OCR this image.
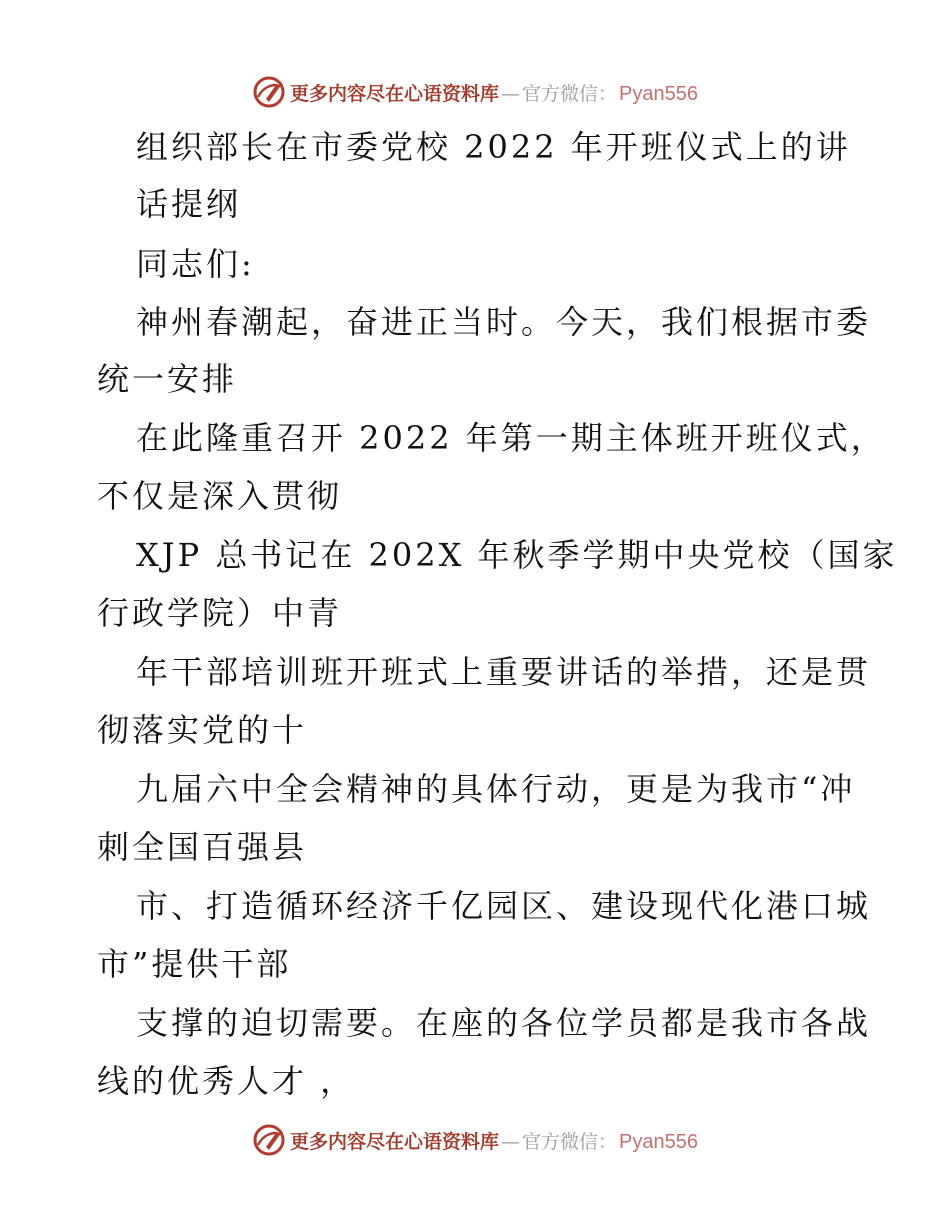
更多内容尽在心语资料库 — 官方微信： Pyan556
组织部长在市委党校 2022 年开班仪式上的讲
话提纲
同志们:
神州春潮起，奋进正当时。今天，我们根据市委
统一安排
在此隆重召开 2022 年第一期主体班开班仪式，
不仅是深入贯彻
XJP 总书记在 202X 年秋季学期中央党校（国家
行政学院）中青
年干部培训班开班式上重要讲话的举措，还是贯
彻落实党的十
九届六中全会精神的具体行动，更是为我市“冲
刺全国百强县
市、打造循环经济千亿园区、建设现代化港口城
市”提供干部
支撑的迫切需要。在座的各位学员都是我市各战
线的优秀人才 ，
更多内容尽在心语资料库 — 官方微信： Pyan556
